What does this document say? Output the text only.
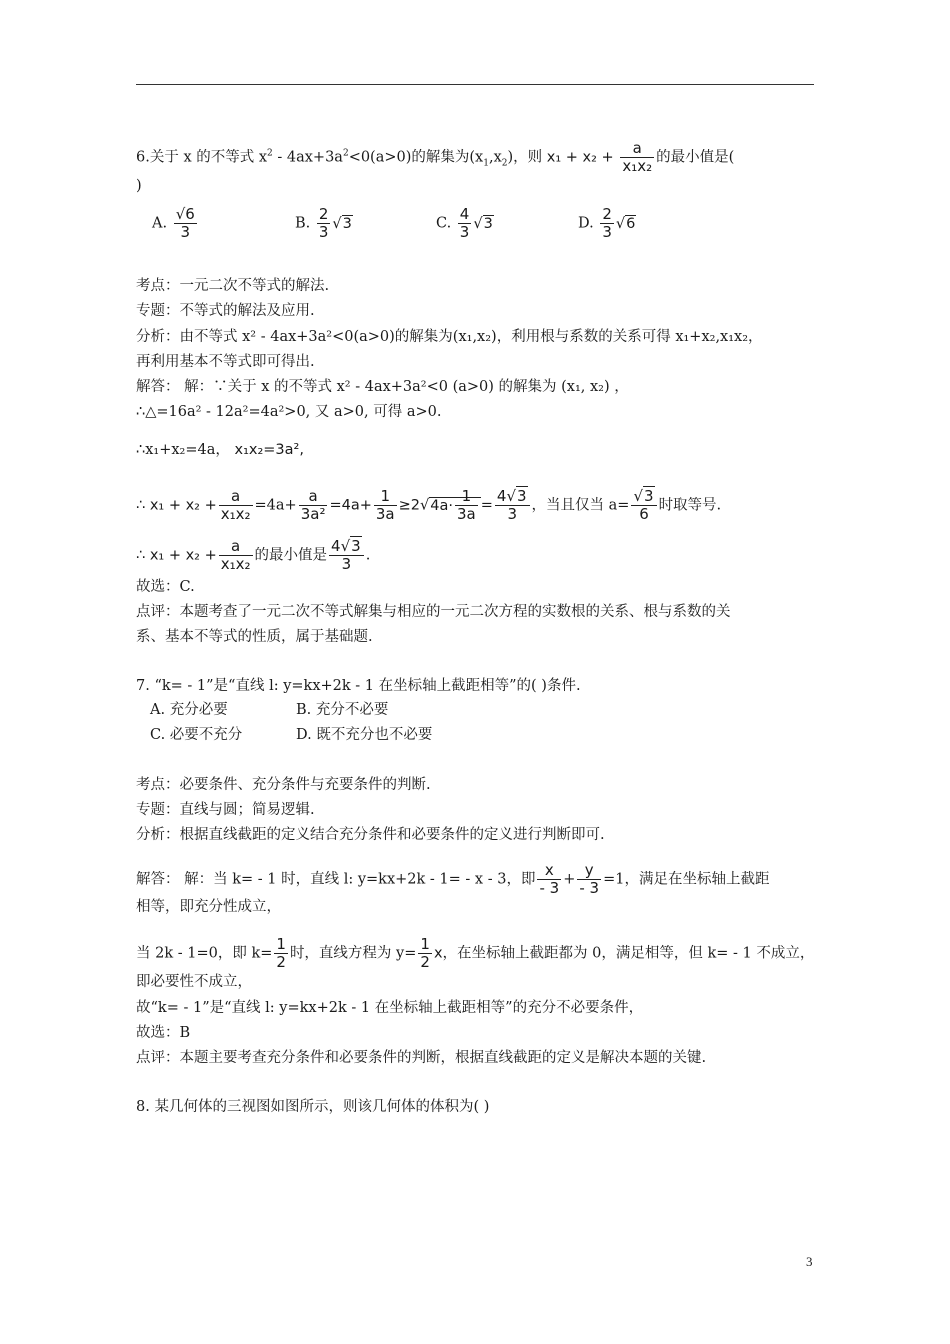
6.关于 x 的不等式 $x^2 - 4ax+3a^2<0(a>0)$的解集为$(x_1,x_2)$，则 $x_1 + x_2 + \frac{a}{\text{x₁x₂}}$ 的最小值是(
)
A. $\frac{√6}{3}$	B. $\frac{2}{3} √3$	C. $\frac{4}{3} √3$	D. $\frac{2}{3} √6$
考点：一元二次不等式的解法.
专题：不等式的解法及应用.
分析：由不等式 x² - 4ax+3a²<0(a>0)的解集为(x₁,x₂)，利用根与系数的关系可得 x₁+x₂,x₁x₂，
再利用基本不等式即可得出.
解答： 解：∵关于 x 的不等式 x² - 4ax+3a²<0 (a>0) 的解集为 (x₁, x₂) ，
∴△=16a² - 12a²=4a²>0, 又 a>0, 可得 a>0.
∴x₁+x₂=4a， x₁x₂=3a²,
∴ $x_1 + x_2 + \frac{a}{\text{x₁x₂}} =4a+ \frac{a}{\text{3a²}} =4a+ \frac{1}{3a} \ge 2√4a\cdot \frac{1}{3a} = \frac{4√3}{3}$ ，当且仅当 $a= \frac{√3}{6}$ 时取等号.
∴ $x_1 + x_2 + \frac{a}{\text{x₁x₂}}$ 的最小值是 $\frac{4√3}{3}$ .
故选：C.
点评：本题考查了一元二次不等式解集与相应的一元二次方程的实数根的关系、根与系数的关
系、基本不等式的性质，属于基础题.
7. “k= - 1”是“直线 l: y=kx+2k - 1 在坐标轴上截距相等”的( )条件.
A. 充分必要	B. 充分不必要
C. 必要不充分	D. 既不充分也不必要
考点：必要条件、充分条件与充要条件的判断.
专题：直线与圆；简易逻辑.
分析：根据直线截距的定义结合充分条件和必要条件的定义进行判断即可.
解答： 解：当 k= - 1 时，直线 l: y=kx+2k - 1= - x - 3，即 $\frac{x}{- 3} + \frac{y}{- 3} =1$，满足在坐标轴上截距
相等，即充分性成立，
当 2k - 1=0，即 $k= \frac{1}{2}$ 时，直线方程为 $y= \frac{1}{2}$ x，在坐标轴上截距都为 0，满足相等，但 k= - 1 不成立，
即必要性不成立，
故“k= - 1”是“直线 l: y=kx+2k - 1 在坐标轴上截距相等”的充分不必要条件，
故选：B
点评：本题主要考查充分条件和必要条件的判断，根据直线截距的定义是解决本题的关键.
8. 某几何体的三视图如图所示，则该几何体的体积为( )
3
